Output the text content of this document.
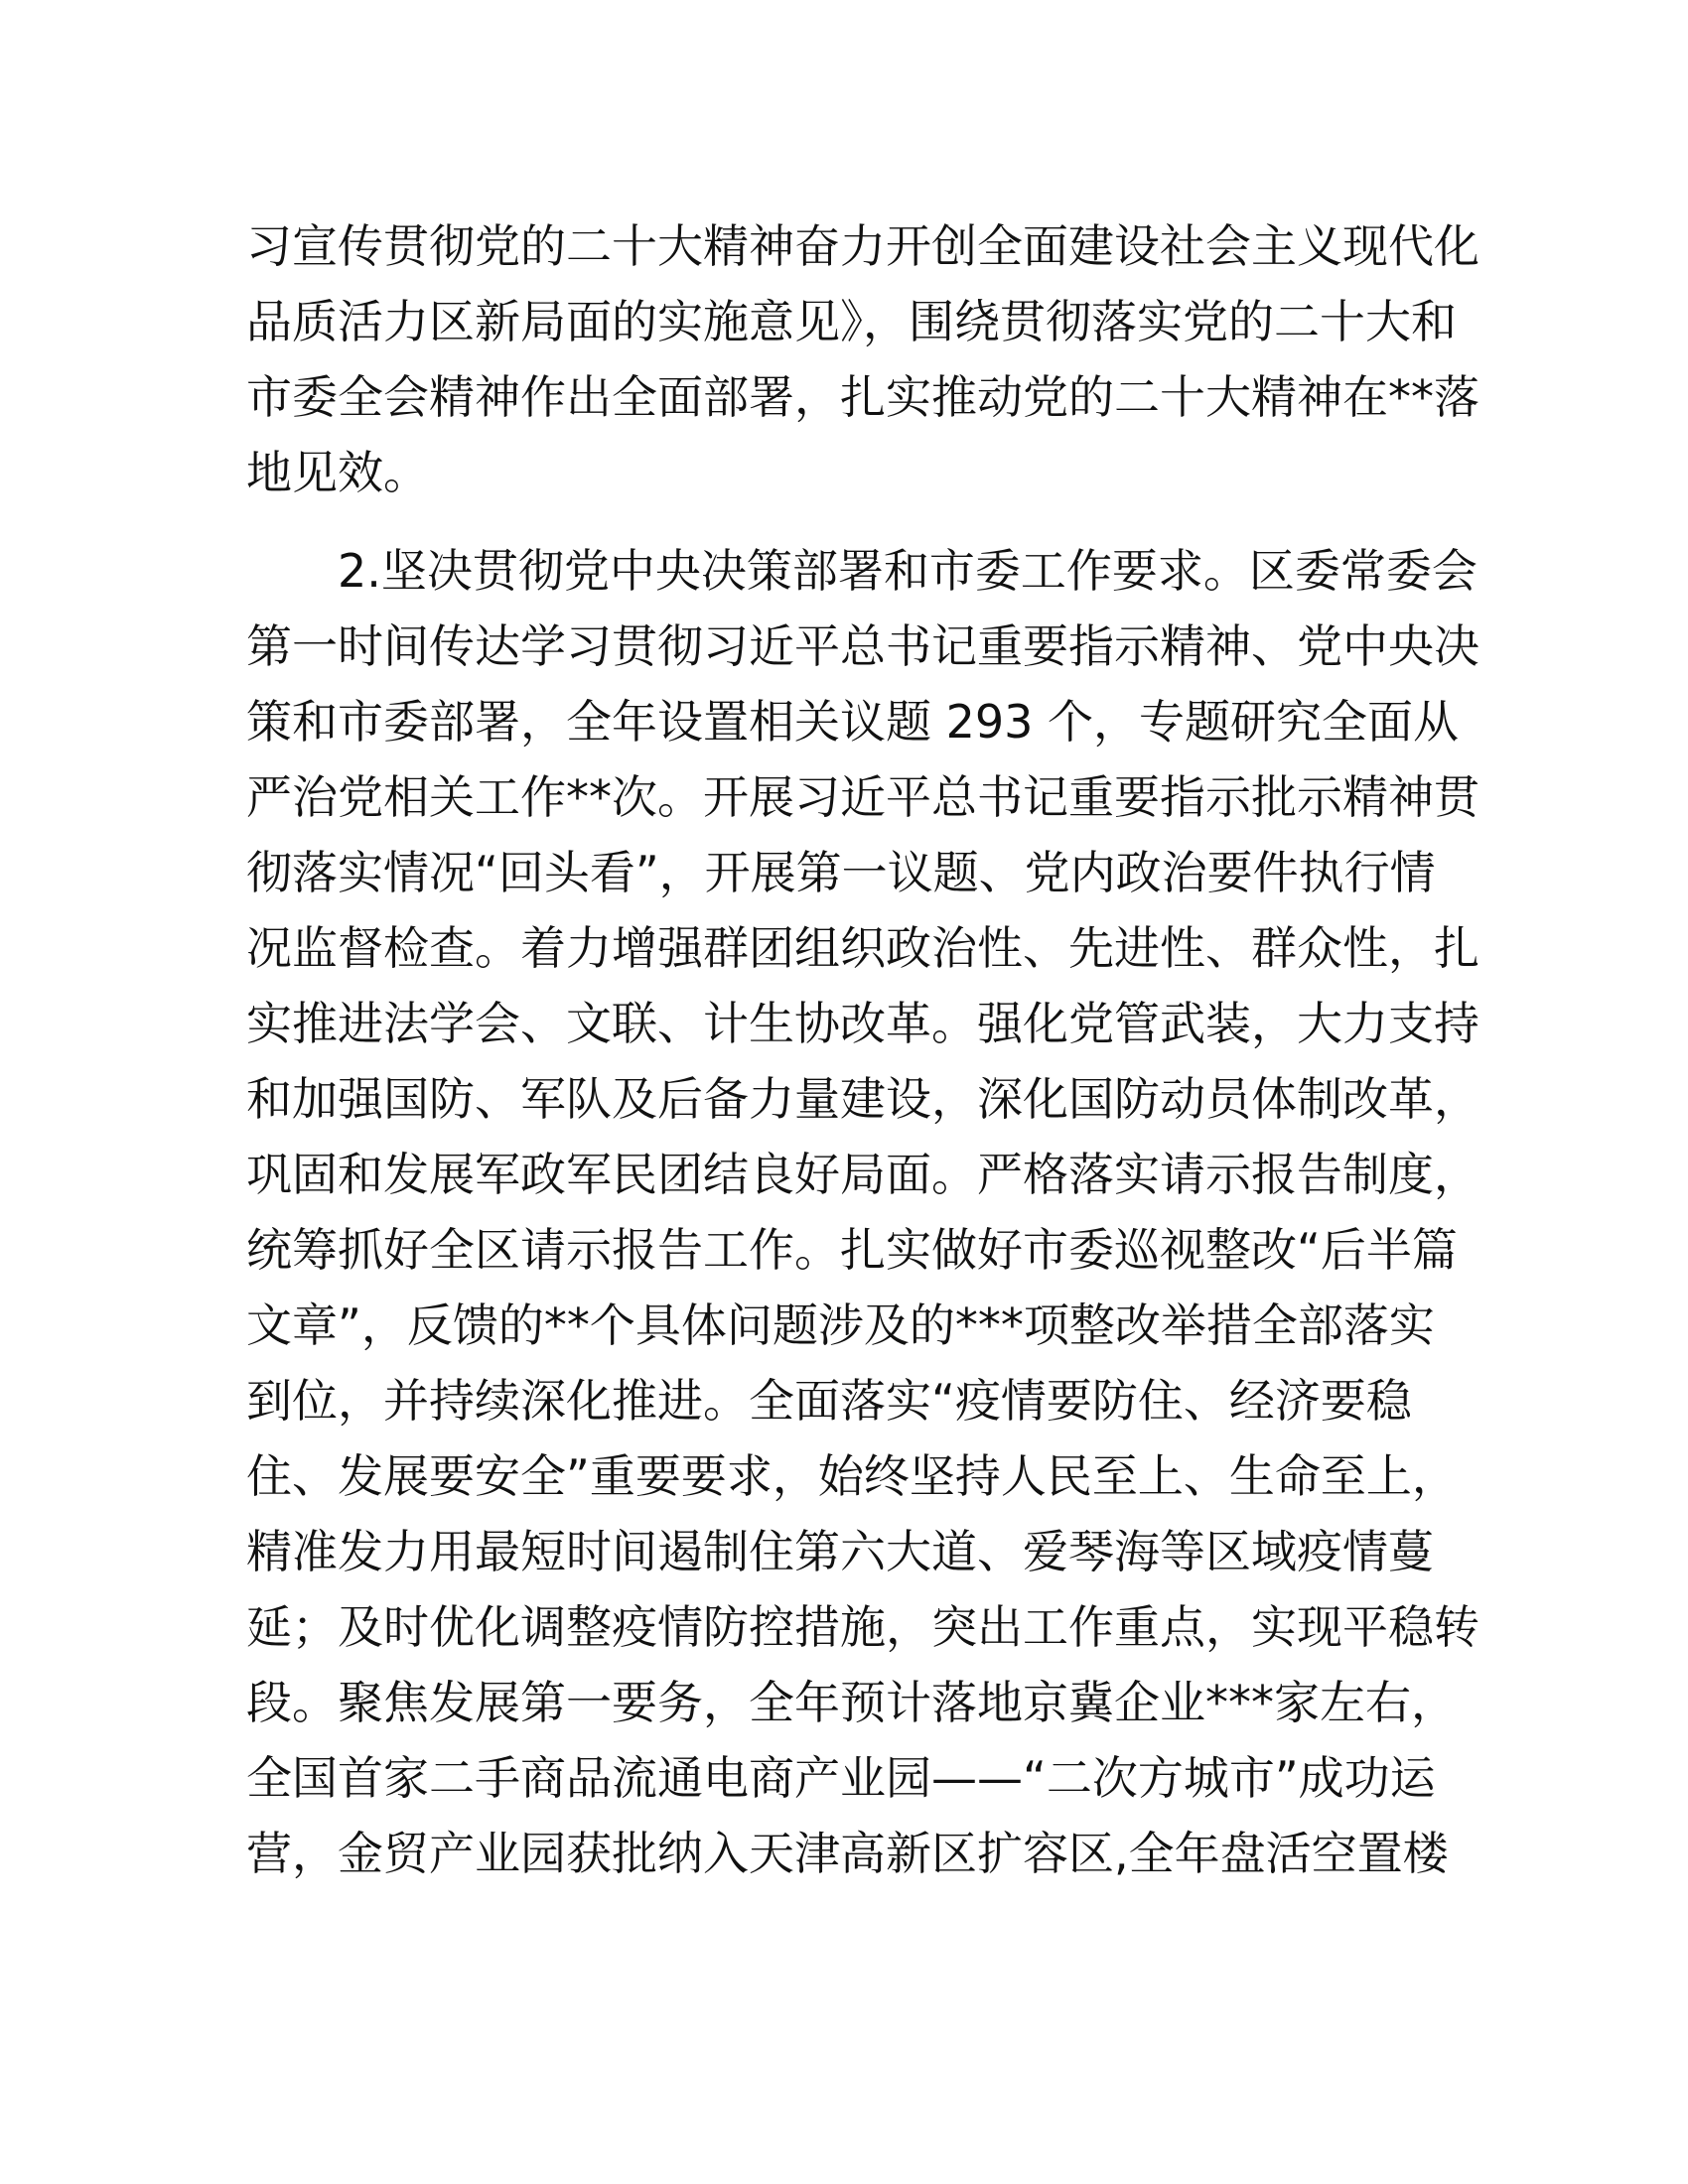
习宣传贯彻党的二十大精神奋力开创全面建设社会主义现代化
品质活力区新局面的实施意见》，围绕贯彻落实党的二十大和
市委全会精神作出全面部署，扎实推动党的二十大精神在**落
地见效。
2.坚决贯彻党中央决策部署和市委工作要求。区委常委会
第一时间传达学习贯彻习近平总书记重要指示精神、党中央决
策和市委部署，全年设置相关议题 293 个，专题研究全面从
严治党相关工作**次。开展习近平总书记重要指示批示精神贯
彻落实情况“回头看”，开展第一议题、党内政治要件执行情
况监督检查。着力增强群团组织政治性、先进性、群众性，扎
实推进法学会、文联、计生协改革。强化党管武装，大力支持
和加强国防、军队及后备力量建设，深化国防动员体制改革，
巩固和发展军政军民团结良好局面。严格落实请示报告制度，
统筹抓好全区请示报告工作。扎实做好市委巡视整改“后半篇
文章”，反馈的**个具体问题涉及的***项整改举措全部落实
到位，并持续深化推进。全面落实“疫情要防住、经济要稳
住、发展要安全”重要要求，始终坚持人民至上、生命至上，
精准发力用最短时间遏制住第六大道、爱琴海等区域疫情蔓
延；及时优化调整疫情防控措施，突出工作重点，实现平稳转
段。聚焦发展第一要务，全年预计落地京冀企业***家左右，
全国首家二手商品流通电商产业园——“二次方城市”成功运
营，金贸产业园获批纳入天津高新区扩容区,全年盘活空置楼
